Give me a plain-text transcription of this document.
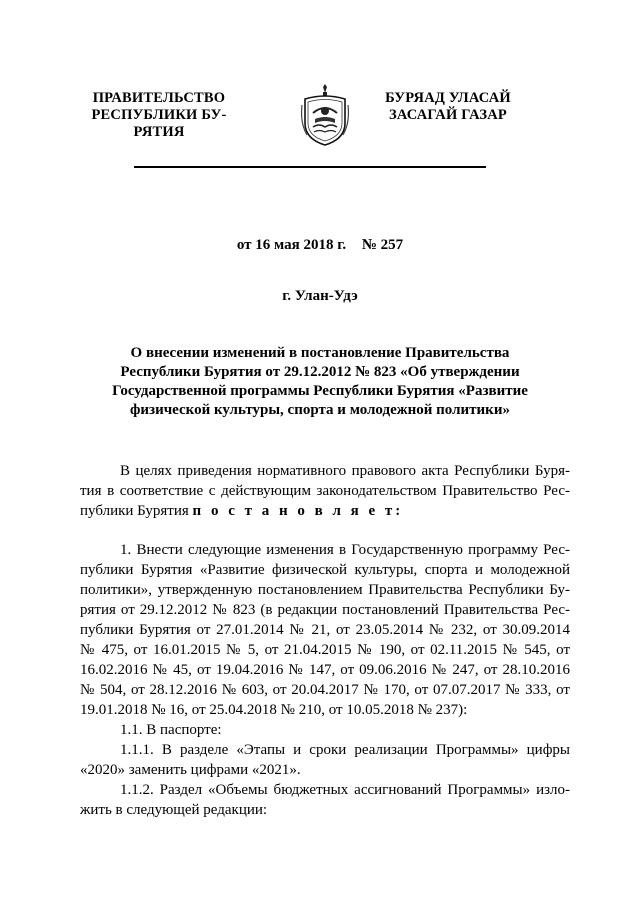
ПРАВИТЕЛЬСТВО
РЕСПУБЛИКИ БУ-
РЯТИЯ
БУРЯАД УЛАСАЙ
ЗАСАГАЙ ГАЗАР
от 16 мая 2018 г. № 257
г. Улан-Удэ
О внесении изменений в постановление Правительства
Республики Бурятия от 29.12.2012 № 823 «Об утверждении
Государственной программы Республики Бурятия «Развитие
физической культуры, спорта и молодежной политики»
В целях приведения нормативного правового акта Республики Буря-
тия в соответствие с действующим законодательством Правительство Рес-
публики Бурятия п о с т а н о в л я е т:
1. Внести следующие изменения в Государственную программу Рес-
публики Бурятия «Развитие физической культуры, спорта и молодежной
политики», утвержденную постановлением Правительства Республики Бу-
рятия от 29.12.2012 № 823 (в редакции постановлений Правительства Рес-
публики Бурятия от 27.01.2014 № 21, от 23.05.2014 № 232, от 30.09.2014
№ 475, от 16.01.2015 № 5, от 21.04.2015 № 190, от 02.11.2015 № 545, от
16.02.2016 № 45, от 19.04.2016 № 147, от 09.06.2016 № 247, от 28.10.2016
№ 504, от 28.12.2016 № 603, от 20.04.2017 № 170, от 07.07.2017 № 333, от
19.01.2018 № 16, от 25.04.2018 № 210, от 10.05.2018 № 237):
1.1. В паспорте:
1.1.1. В разделе «Этапы и сроки реализации Программы» цифры
«2020» заменить цифрами «2021».
1.1.2. Раздел «Объемы бюджетных ассигнований Программы» изло-
жить в следующей редакции:
